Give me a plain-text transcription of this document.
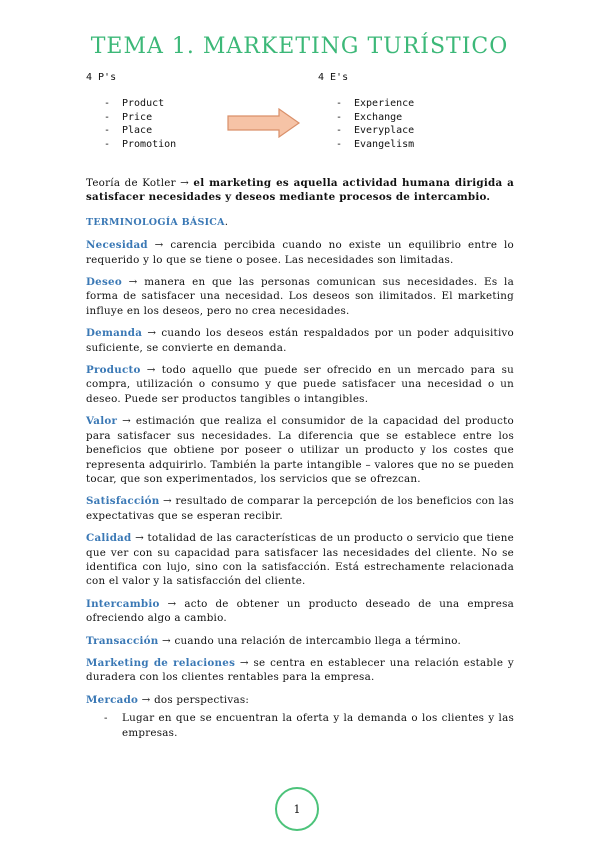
TEMA 1. MARKETING TURÍSTICO
4 P's
- Product
- Price
- Place
- Promotion
4 E's
- Experience
- Exchange
- Everyplace
- Evangelism

Teoría de Kotler → el marketing es aquella actividad humana dirigida a satisfacer necesidades y deseos mediante procesos de intercambio.

TERMINOLOGÍA BÁSICA.

Necesidad → carencia percibida cuando no existe un equilibrio entre lo requerido y lo que se tiene o posee. Las necesidades son limitadas.

Deseo → manera en que las personas comunican sus necesidades. Es la forma de satisfacer una necesidad. Los deseos son ilimitados. El marketing influye en los deseos, pero no crea necesidades.

Demanda → cuando los deseos están respaldados por un poder adquisitivo suficiente, se convierte en demanda.

Producto → todo aquello que puede ser ofrecido en un mercado para su compra, utilización o consumo y que puede satisfacer una necesidad o un deseo. Puede ser productos tangibles o intangibles.

Valor → estimación que realiza el consumidor de la capacidad del producto para satisfacer sus necesidades. La diferencia que se establece entre los beneficios que obtiene por poseer o utilizar un producto y los costes que representa adquirirlo. También la parte intangible – valores que no se pueden tocar, que son experimentados, los servicios que se ofrezcan.

Satisfacción → resultado de comparar la percepción de los beneficios con las expectativas que se esperan recibir.

Calidad → totalidad de las características de un producto o servicio que tiene que ver con su capacidad para satisfacer las necesidades del cliente. No se identifica con lujo, sino con la satisfacción. Está estrechamente relacionada con el valor y la satisfacción del cliente.

Intercambio → acto de obtener un producto deseado de una empresa ofreciendo algo a cambio.

Transacción → cuando una relación de intercambio llega a término.

Marketing de relaciones → se centra en establecer una relación estable y duradera con los clientes rentables para la empresa.

Mercado → dos perspectivas:

-	Lugar en que se encuentran la oferta y la demanda o los clientes y las empresas.
1
